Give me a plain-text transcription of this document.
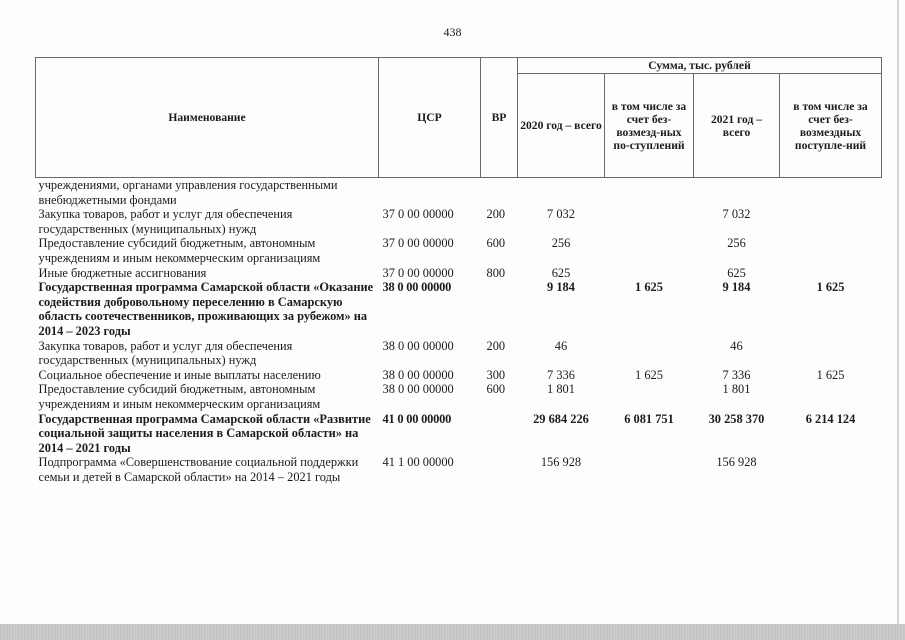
438
Наименование	ЦСР	ВР	Сумма, тыс. рублей			
			2020 год – всего	в том числе за счет без-возмезд-ных по-ступлений	2021 год – всего	в том числе за счет без-возмездных поступле-ний
учреждениями, органами управления государственными внебюджетными фондами						
Закупка товаров, работ и услуг для обеспечения государственных (муниципальных) нужд	37 0 00 00000	200	7 032		7 032	
Предоставление субсидий бюджетным, автономным учреждениям и иным некоммерческим организациям	37 0 00 00000	600	256		256	
Иные бюджетные ассигнования	37 0 00 00000	800	625		625	
Государственная программа Самарской области «Оказание содействия добровольному переселению в Самарскую область соотечественников, проживающих за рубежом» на 2014 – 2023 годы	38 0 00 00000		9 184	1 625	9 184	1 625
Закупка товаров, работ и услуг для обеспечения государственных (муниципальных) нужд	38 0 00 00000	200	46		46	
Социальное обеспечение и иные выплаты населению	38 0 00 00000	300	7 336	1 625	7 336	1 625
Предоставление субсидий бюджетным, автономным учреждениям и иным некоммерческим организациям	38 0 00 00000	600	1 801		1 801	
Государственная программа Самарской области «Развитие социальной защиты населения в Самарской области» на 2014 – 2021 годы	41 0 00 00000		29 684 226	6 081 751	30 258 370	6 214 124
Подпрограмма «Совершенствование социальной поддержки семьи и детей в Самарской области» на 2014 – 2021 годы	41 1 00 00000		156 928		156 928	
